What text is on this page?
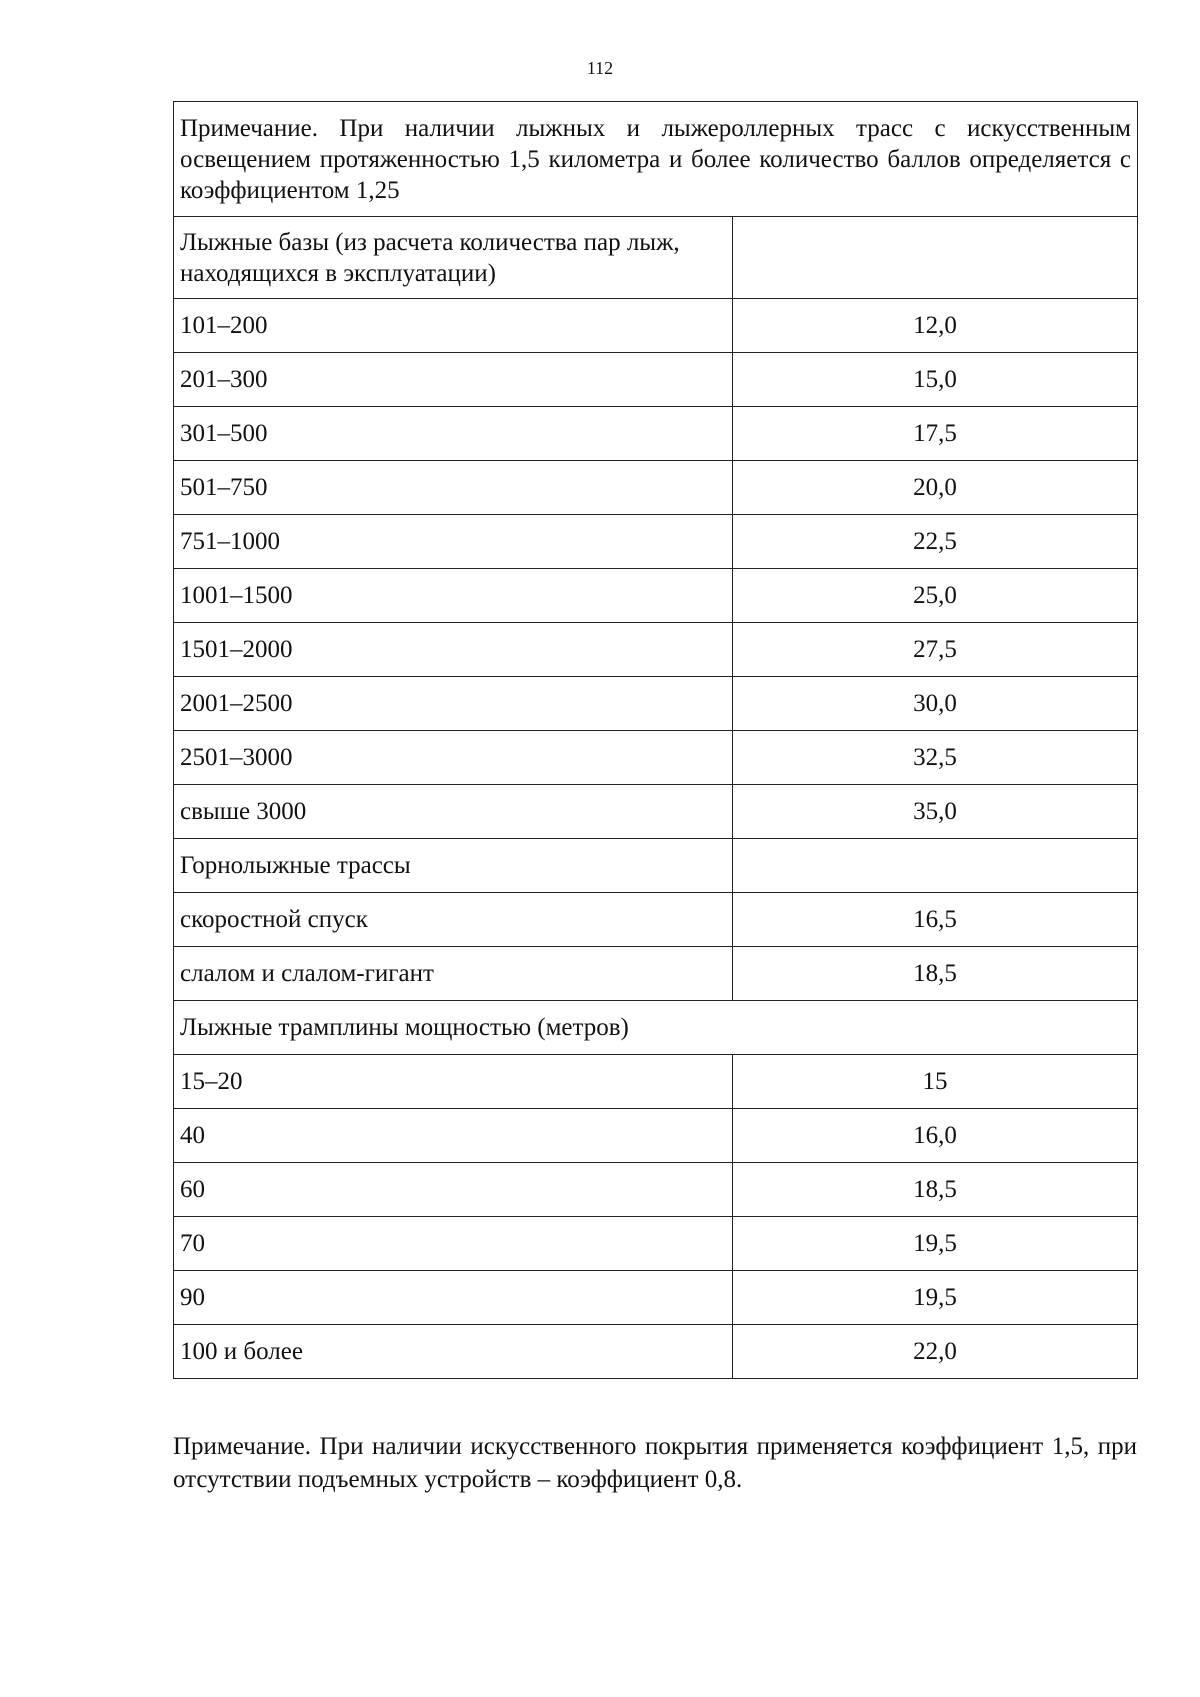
112
Примечание. При наличии лыжных и лыжероллерных трасс с искусственным освещением протяженностью 1,5 километра и более количество баллов определяется с коэффициентом 1,25	
Лыжные базы (из расчета количества пар лыж, находящихся в эксплуатации)	
101–200	12,0
201–300	15,0
301–500	17,5
501–750	20,0
751–1000	22,5
1001–1500	25,0
1501–2000	27,5
2001–2500	30,0
2501–3000	32,5
свыше 3000	35,0
Горнолыжные трассы	
скоростной спуск	16,5
слалом и слалом-гигант	18,5
Лыжные трамплины мощностью (метров)	
15–20	15
40	16,0
60	18,5
70	19,5
90	19,5
100 и более	22,0
Примечание. При наличии искусственного покрытия применяется коэффициент 1,5, при отсутствии подъемных устройств – коэффициент 0,8.
